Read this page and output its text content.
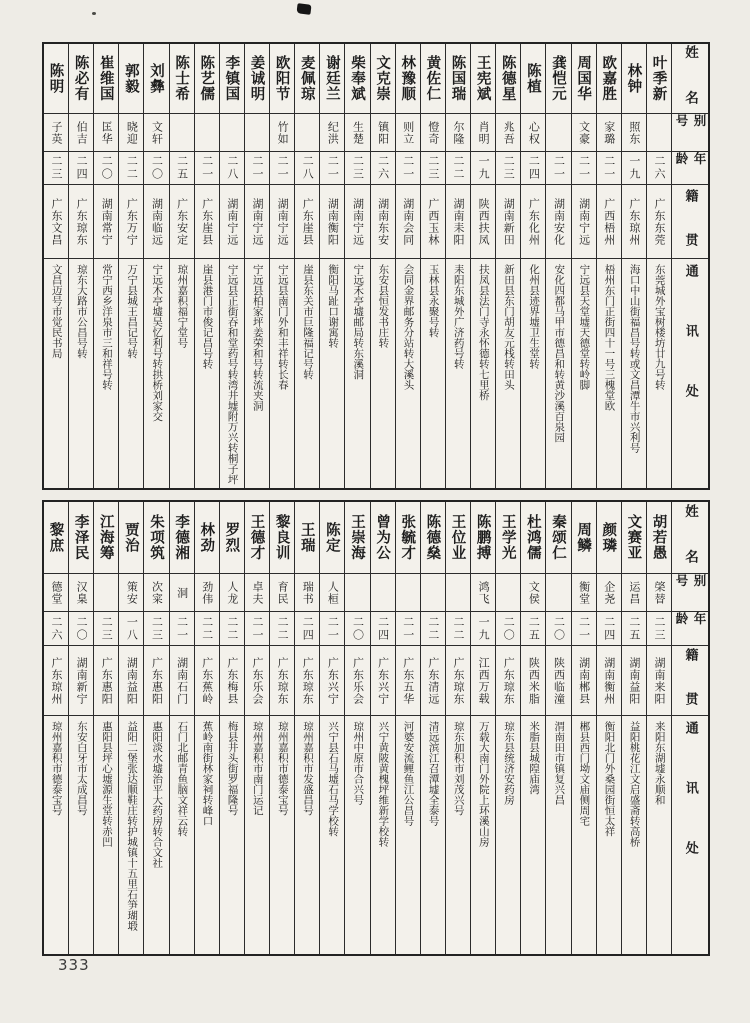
姓 名
别 号
年 龄
籍 贯
通 讯 处
叶季新
二六
广东东莞
东莞城外宝树楼坊廿九号转
林钟
照东
一九
广东琼州
海口中山街福昌号转或文昌潭牛市兴利号
欧嘉胜
家璐
二一
广西梧州
梧州东门正街四十一号三槐堂欧
周国华
文豪
二一
湖南宁远
宁远县天堂墟天德堂转岭脚
龚恺元
二一
湖南安化
安化四都马甲市德昌和转黄沙溪百泉园
陈植
心权
二四
广东化州
化州县迹界墟卫生堂转
陈德星
兆吾
二三
湖南新田
新田县东门胡友元栈转田头
王宪斌
肖明
一九
陕西扶凤
扶凤县法门寺永怀德转七里桥
陈国瑞
尔隆
二二
湖南耒阳
耒阳东城外广济药号转
黄佐仁
憕奇
二三
广西玉林
玉林县永聚号转
林豫顺
则立
二一
湖南会同
会同金界邮务分站转大溪头
文克崇
镇阳
二六
湖南东安
东安县恒发书庄转
柴奉斌
生楚
二三
湖南宁远
宁远禾亭墟邮局转东溪洞
谢廷兰
纪洪
二一
湖南衡阳
衡阳马趾口谢寓转
麦佩琼
二八
广东崖县
崖县东关市巨隆福记号转
欧阳节
竹如
二一
湖南宁远
宁远县南门外和丰祥转长春
姜诚明
二一
湖南宁远
宁远县柏家坪姜荣和号转流夹洞
李镇国
二八
湖南宁远
宁远县正街吞和堂药号转湾井墟附万兴转桐子坪
陈艺儒
二一
广东崖县
崖县港门市俊记昌号转
陈士希
二五
广东安定
琼州嘉积福宁堂号
刘彝
文轩
二〇
湖南临远
宁远木亭墟吴忆利号转拱桥刘家交
郭毅
晓迎
二二
广东万宁
万宁县城王昌记号转
崔维国
匡华
二〇
湖南常宁
常宁西乡洋泉市三和祥号转
陈必有
伯吉
二四
广东琼东
琼东大路市公昌号转
陈明
子英
二三
广东文昌
文昌迈号市觉民书局
姓 名
别 号
年 龄
籍 贯
通 讯 处
胡若愚
棨替
二三
湖南来阳
来阳东湖墟永顺和
文赛亚
运昌
二五
湖南益阳
益阳桃花江文启盛斋转高桥
颜璘
企尧
二四
湖南衡州
衡阳北门外桑园街恒太祥
周鳞
衡堂
二一
湖南郴县
郴县西门坳文庙侧周宅
秦颂仁
二〇
陕西临潼
渭南田市镇复兴昌
杜鸿儒
文侯
二五
陕西米脂
米脂县城隍庙湾
王学光
二〇
广东琼东
琼东县统济安药房
陈鹏搏
鸿飞
一九
江西万载
万载大南门外院上环溪山房
王位业
二二
广东琼东
琼东加积市刘茂兴号
陈德燊
二二
广东清远
清远滨江召潭墟全泰号
张毓才
二一
广东五华
河婆安流鲤鱼江公昌号
曾为公
二四
广东兴宁
兴宁黄陂黄槐坪维新学校转
王崇海
二〇
广东乐会
琼州中原市合兴号
陈定
人桓
二一
广东兴宁
兴宁县石马墟石马学校转
王瑞
瑞书
二四
广东琼东
琼州嘉积市发盛昌号
黎良训
育民
二二
广东琼东
琼州嘉积市德泰宝号
王德才
卓夫
二一
广东乐会
琼州嘉积市南门运记
罗烈
人龙
二二
广东梅县
梅县井头街罗福隆号
林劲
劲伟
二二
广东蕉岭
蕉岭南街林家祠转峰口
李德湘
洞
二一
湖南石门
石门北邮青鱼脑文祥云转
朱项筑
次寀
二三
广东惠阳
惠阳淡水墟治平大药房转合文社
贾治
策安
一八
湖南益阳
益阳二堡张达顺鞋庄转护城镇十五里石笋瑚塅
江海筹
二三
广东惠阳
惠阳县坪心墟源生堂转赤凹
李泽民
汉臬
二〇
湖南新宁
东安白牙市太成昌号
黎庶
德堂
二六
广东琼州
琼州嘉积市德泰宝号
333
